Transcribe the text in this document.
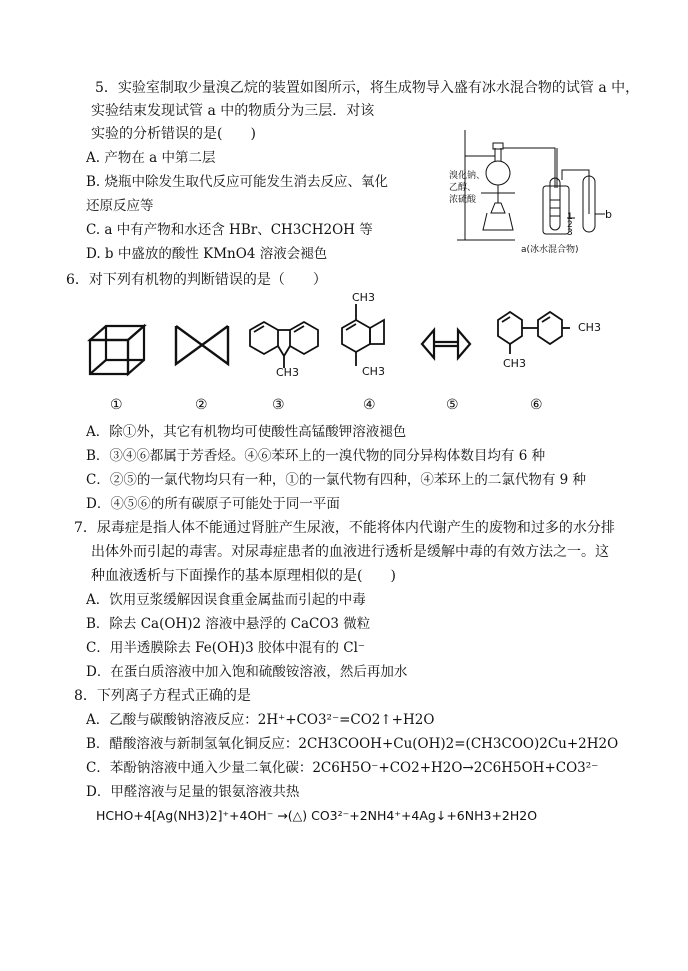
5．实验室制取少量溴乙烷的装置如图所示，将生成物导入盛有冰水混合物的试管 a 中，
实验结束发现试管 a 中的物质分为三层．对该
实验的分析错误的是(　　)
A. 产物在 a 中第二层
B. 烧瓶中除发生取代反应可能发生消去反应、氧化
还原反应等
C. a 中有产物和水还含 HBr、CH3CH2OH 等
D. b 中盛放的酸性 KMnO4 溶液会褪色
溴化钠、
乙醇、
浓硫酸
1
2
3
b
a(冰水混合物)
6．对下列有机物的判断错误的是（　　）
CH3
CH3
CH3
CH3
CH3
①	②	③	④	⑤	⑥
A．除①外，其它有机物均可使酸性高锰酸钾溶液褪色
B．③④⑥都属于芳香烃。④⑥苯环上的一溴代物的同分异构体数目均有 6 种
C．②⑤的一氯代物均只有一种，①的一氯代物有四种，④苯环上的二氯代物有 9 种
D．④⑤⑥的所有碳原子可能处于同一平面
7．尿毒症是指人体不能通过肾脏产生尿液，不能将体内代谢产生的废物和过多的水分排
出体外而引起的毒害。对尿毒症患者的血液进行透析是缓解中毒的有效方法之一。这
种血液透析与下面操作的基本原理相似的是(　　)
A．饮用豆浆缓解因误食重金属盐而引起的中毒
B．除去 Ca(OH)2 溶液中悬浮的 CaCO3 微粒
C．用半透膜除去 Fe(OH)3 胶体中混有的 Cl⁻
D．在蛋白质溶液中加入饱和硫酸铵溶液，然后再加水
8．下列离子方程式正确的是
A．乙酸与碳酸钠溶液反应：2H⁺+CO3²⁻=CO2↑+H2O
B．醋酸溶液与新制氢氧化铜反应：2CH3COOH+Cu(OH)2=(CH3COO)2Cu+2H2O
C．苯酚钠溶液中通入少量二氧化碳：2C6H5O⁻+CO2+H2O→2C6H5OH+CO3²⁻
D．甲醛溶液与足量的银氨溶液共热
HCHO+4[Ag(NH3)2]⁺+4OH⁻ →(△) CO3²⁻+2NH4⁺+4Ag↓+6NH3+2H2O
